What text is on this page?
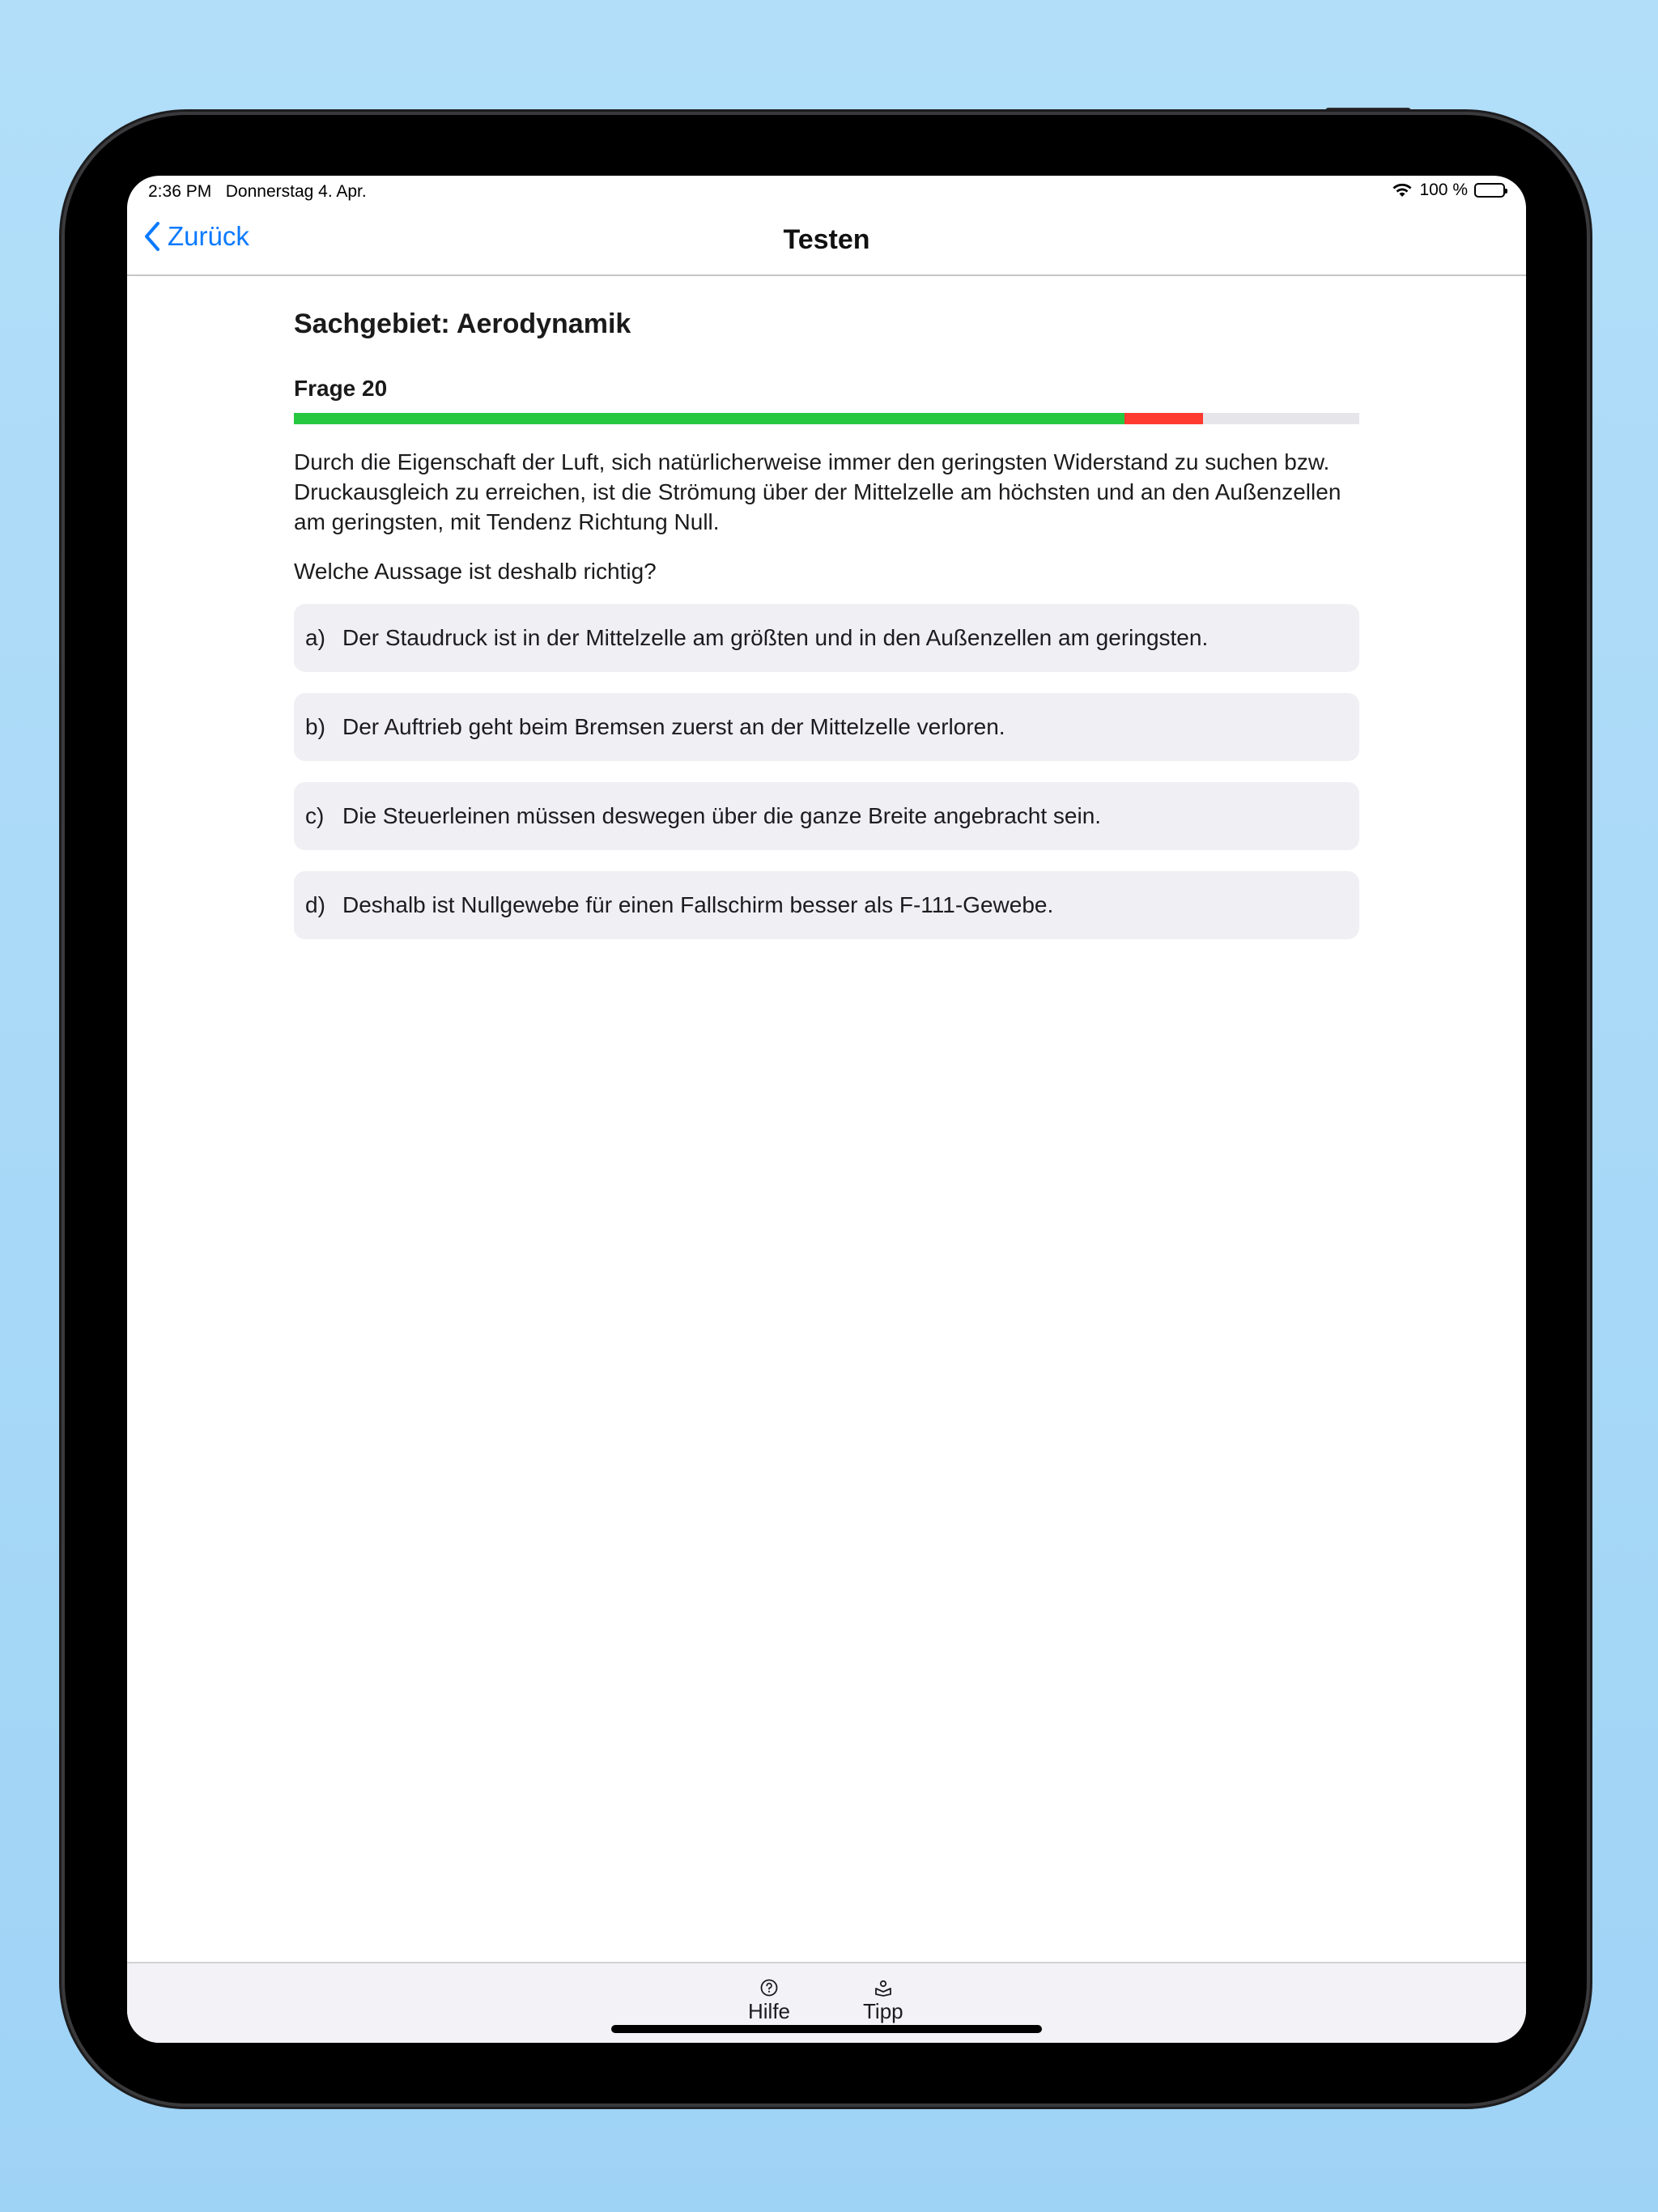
2:36 PM Donnerstag 4. Apr.	100 %
Zurück	Testen
Sachgebiet: Aerodynamik
Frage 20
Durch die Eigenschaft der Luft, sich natürlicherweise immer den geringsten Widerstand zu suchen bzw. Druckausgleich zu erreichen, ist die Strömung über der Mittelzelle am höchsten und an den Außenzellen am geringsten, mit Tendenz Richtung Null.
Welche Aussage ist deshalb richtig?
a) Der Staudruck ist in der Mittelzelle am größten und in den Außenzellen am geringsten.
b) Der Auftrieb geht beim Bremsen zuerst an der Mittelzelle verloren.
c) Die Steuerleinen müssen deswegen über die ganze Breite angebracht sein.
d) Deshalb ist Nullgewebe für einen Fallschirm besser als F-111-Gewebe.
Hilfe	Tipp
